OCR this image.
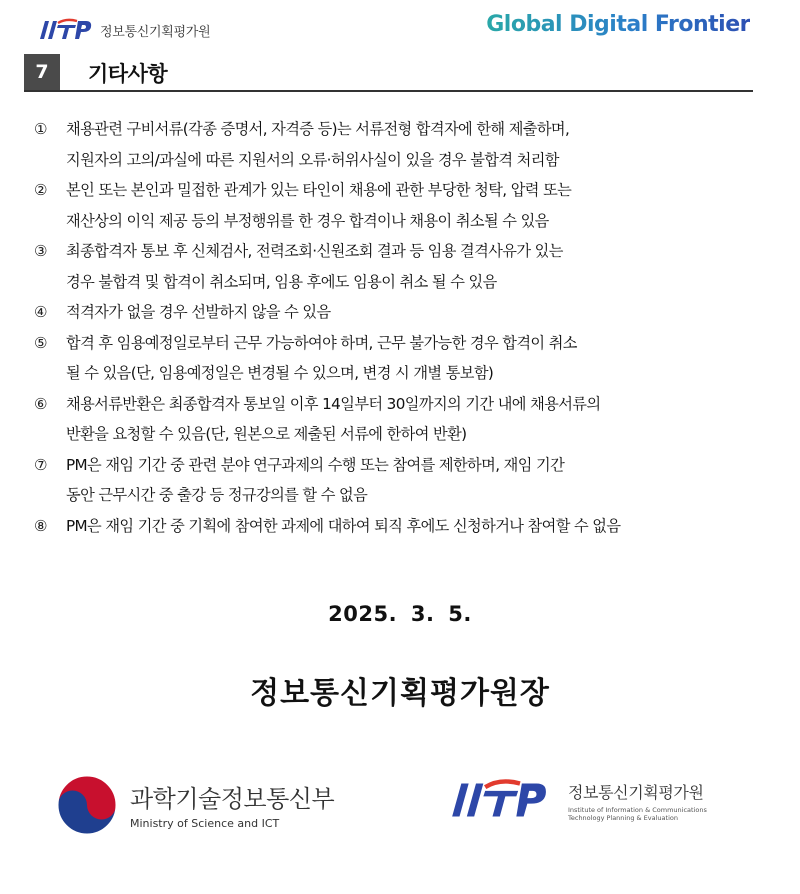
정보통신기획평가원	Global Digital Frontier
7	기타사항
①	채용관련 구비서류(각종 증명서, 자격증 등)는 서류전형 합격자에 한해 제출하며,
지원자의 고의/과실에 따른 지원서의 오류·허위사실이 있을 경우 불합격 처리함
②	본인 또는 본인과 밀접한 관계가 있는 타인이 채용에 관한 부당한 청탁, 압력 또는
재산상의 이익 제공 등의 부정행위를 한 경우 합격이나 채용이 취소될 수 있음
③	최종합격자 통보 후 신체검사, 전력조회·신원조회 결과 등 임용 결격사유가 있는
경우 불합격 및 합격이 취소되며, 임용 후에도 임용이 취소 될 수 있음
④	적격자가 없을 경우 선발하지 않을 수 있음
⑤	합격 후 임용예정일로부터 근무 가능하여야 하며, 근무 불가능한 경우 합격이 취소
될 수 있음(단, 임용예정일은 변경될 수 있으며, 변경 시 개별 통보함)
⑥	채용서류반환은 최종합격자 통보일 이후 14일부터 30일까지의 기간 내에 채용서류의
반환을 요청할 수 있음(단, 원본으로 제출된 서류에 한하여 반환)
⑦	PM은 재임 기간 중 관련 분야 연구과제의 수행 또는 참여를 제한하며, 재임 기간
동안 근무시간 중 출강 등 정규강의를 할 수 없음
⑧	PM은 재임 기간 중 기획에 참여한 과제에 대하여 퇴직 후에도 신청하거나 참여할 수 없음
2025. 3. 5.
정보통신기획평가원장
과학기술정보통신부
Ministry of Science and ICT
정보통신기획평가원
Institute of Information & Communications
Technology Planning & Evaluation
